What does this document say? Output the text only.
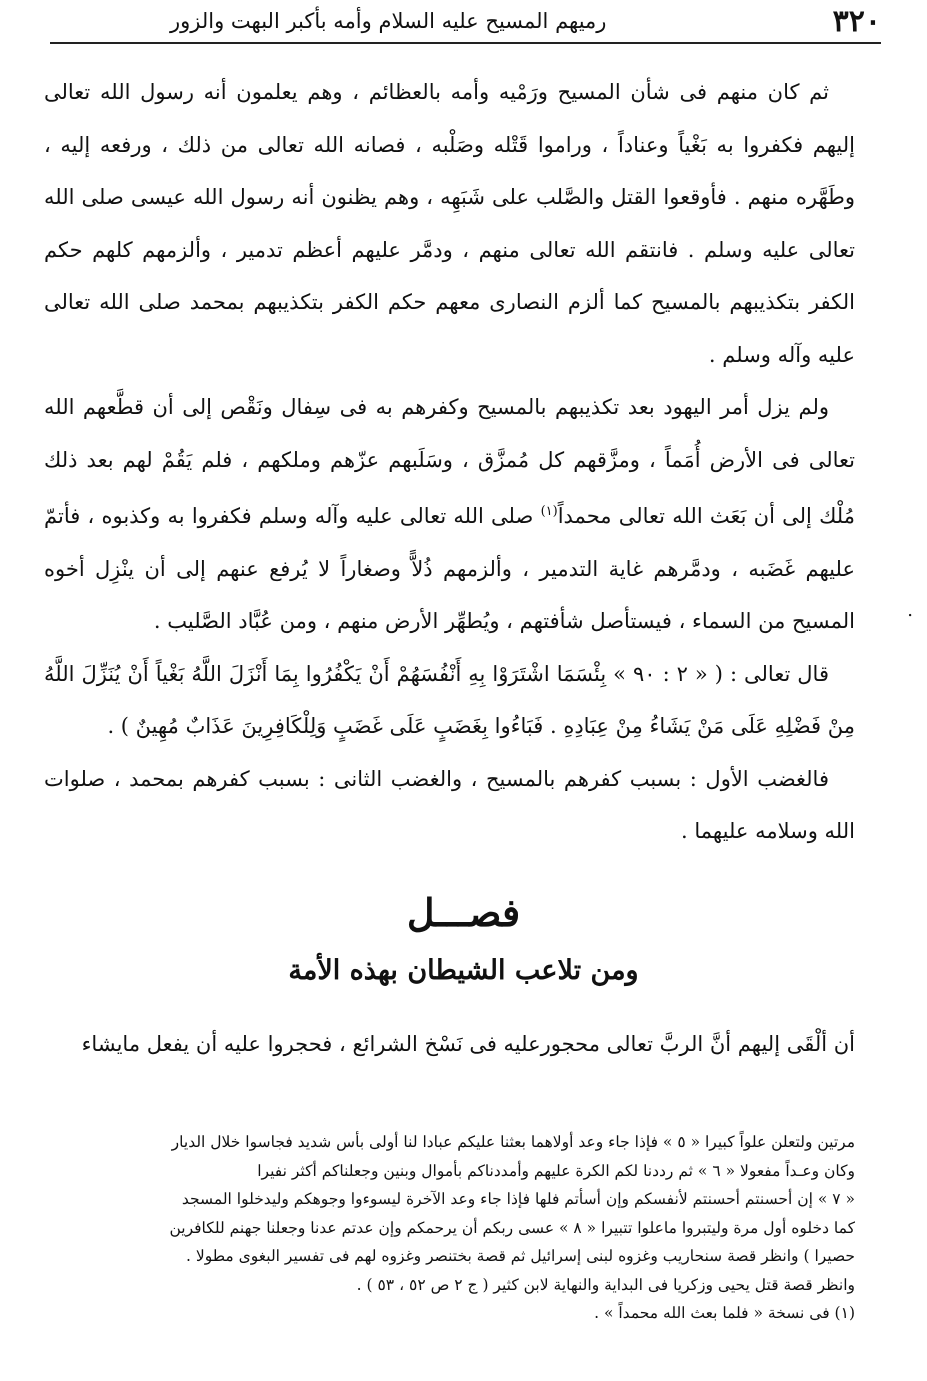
٣٢٠
رميهم المسيح عليه السلام وأمه بأكبر البهت والزور

ثم كان منهم فى شأن المسيح ورَمْيه وأمه بالعظائم ، وهم يعلمون أنه رسول الله تعالى إليهم فكفروا به بَغْياً وعناداً ، وراموا قَتْله وصَلْبه ، فصانه الله تعالى من ذلك ، ورفعه إليه ، وطَهَّره منهم . فأوقعوا القتل والصَّلب على شَبَهِه ، وهم يظنون أنه رسول الله عيسى صلى الله تعالى عليه وسلم . فانتقم الله تعالى منهم ، ودمَّر عليهم أعظم تدمير ، وألزمهم كلهم حكم الكفر بتكذيبهم بالمسيح كما ألزم النصارى معهم حكم الكفر بتكذيبهم بمحمد صلى الله تعالى عليه وآله وسلم .

ولم يزل أمر اليهود بعد تكذيبهم بالمسيح وكفرهم به فى سِفال ونَقْص إلى أن قطَّعهم الله تعالى فى الأرض أُمَماً ، ومزَّقهم كل مُمزَّق ، وسَلَبهم عزّهم وملكهم ، فلم يَقُمْ لهم بعد ذلك مُلْك إلى أن بَعَث الله تعالى محمداً$^{(١)}$ صلى الله تعالى عليه وآله وسلم فكفروا به وكذبوه ، فأتمّ عليهم غَضَبه ، ودمَّرهم غاية التدمير ، وألزمهم ذُلاًّ وصغاراً لا يُرفع عنهم إلى أن ينْزِل أخوه المسيح من السماء ، فيستأصل شأفتهم ، ويُطهِّر الأرض منهم ، ومن عُبَّاد الصَّليب .

قال تعالى : ( « ٢ : ٩٠ » بِئْسَمَا اشْتَرَوْا بِهِ أَنْفُسَهُمْ أَنْ يَكْفُرُوا بِمَا أَنْزَلَ اللَّهُ بَغْياً أَنْ يُنَزِّلَ اللَّهُ مِنْ فَضْلِهِ عَلَى مَنْ يَشَاءُ مِنْ عِبَادِهِ . فَبَاءُوا بِغَضَبٍ عَلَى غَضَبٍ وَلِلْكَافِرِينَ عَذَابٌ مُهِينٌ ) .

فالغضب الأول : بسبب كفرهم بالمسيح ، والغضب الثانى : بسبب كفرهم بمحمد ، صلوات الله وسلامه عليهما .

.
فصـــل
ومن تلاعب الشيطان بهذه الأمة
أن ألْقَى إليهم أنَّ الربَّ تعالى محجورعليه فى نَسْخ الشرائع ، فحجروا عليه أن يفعل مايشاء

مرتين ولتعلن علواً كبيرا « ٥ » فإذا جاء وعد أولاهما بعثنا عليكم عبادا لنا أولى بأس شديد فجاسوا خلال الديار

وكان وعـداً مفعولا « ٦ » ثم رددنا لكم الكرة عليهم وأمددناكم بأموال وبنين وجعلناكم أكثر نفيرا

« ٧ » إن أحسنتم أحسنتم لأنفسكم وإن أسأتم فلها فإذا جاء وعد الآخرة ليسوءوا وجوهكم وليدخلوا المسجد

كما دخلوه أول مرة وليتبروا ماعلوا تتبيرا « ٨ » عسى ربكم أن يرحمكم وإن عدتم عدنا وجعلنا جهنم للكافرين

حصيرا ) وانظر قصة سنحاريب وغزوه لبنى إسرائيل ثم قصة بختنصر وغزوه لهم فى تفسير البغوى مطولا .

وانظر قصة قتل يحيى وزكريا فى البداية والنهاية لابن كثير ( ج ٢ ص ٥٢ ، ٥٣ ) .

(١) فى نسخة « فلما بعث الله محمداً » .
